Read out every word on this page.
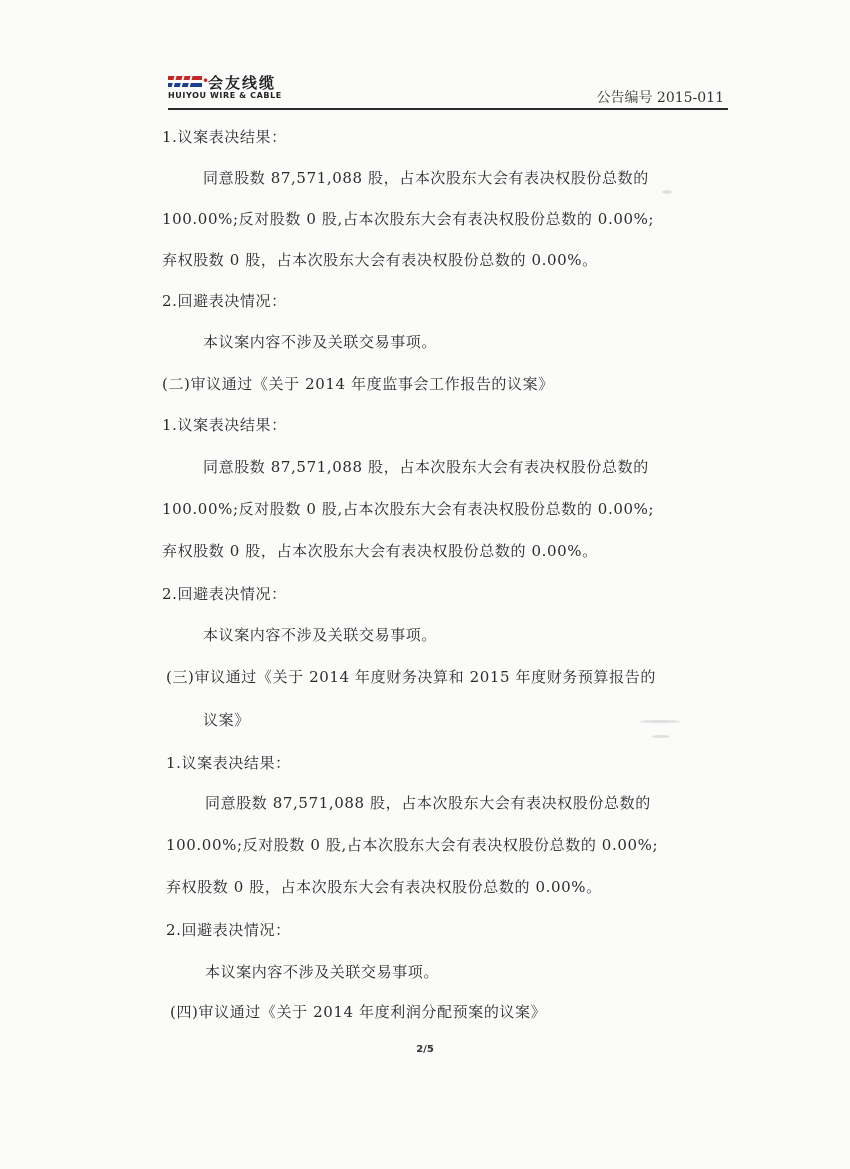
•
会友线缆
HUIYOU WIRE & CABLE	公告编号 2015-011
1.议案表决结果：
同意股数 87,571,088 股，占本次股东大会有表决权股份总数的
100.00%;反对股数 0 股,占本次股东大会有表决权股份总数的 0.00%;
弃权股数 0 股，占本次股东大会有表决权股份总数的 0.00%。
2.回避表决情况：
本议案内容不涉及关联交易事项。
(二)审议通过《关于 2014 年度监事会工作报告的议案》
1.议案表决结果：
同意股数 87,571,088 股，占本次股东大会有表决权股份总数的
100.00%;反对股数 0 股,占本次股东大会有表决权股份总数的 0.00%;
弃权股数 0 股，占本次股东大会有表决权股份总数的 0.00%。
2.回避表决情况：
本议案内容不涉及关联交易事项。
(三)审议通过《关于 2014 年度财务决算和 2015 年度财务预算报告的
议案》
1.议案表决结果：
同意股数 87,571,088 股，占本次股东大会有表决权股份总数的
100.00%;反对股数 0 股,占本次股东大会有表决权股份总数的 0.00%;
弃权股数 0 股，占本次股东大会有表决权股份总数的 0.00%。
2.回避表决情况：
本议案内容不涉及关联交易事项。
(四)审议通过《关于 2014 年度利润分配预案的议案》
2/5
